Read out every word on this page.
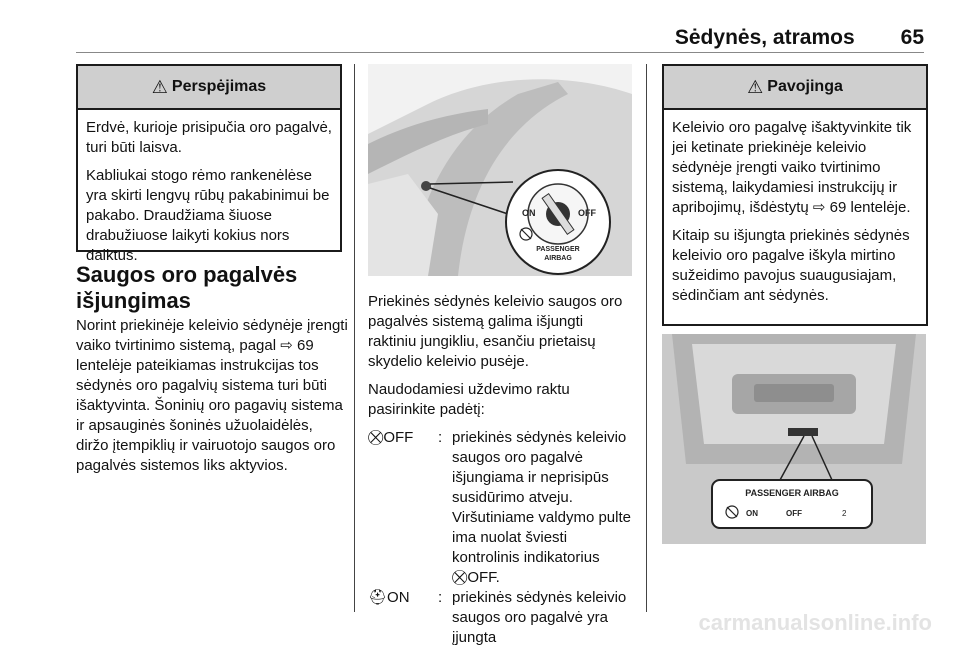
Sėdynės, atramos 65
⚠ Perspėjimas

Erdvė, kurioje prisipučia oro pagalvė, turi būti laisva.

Kabliukai stogo rėmo rankenėlėse yra skirti lengvų rūbų pakabinimui be pakabo. Draudžiama šiuose drabužiuose laikyti kokius nors daiktus.

Saugos oro pagalvės išjungimas

Norint priekinėje keleivio sėdynėje įrengti vaiko tvirtinimo sistemą, pagal ⇨ 69 lentelėje pateikiamas instrukcijas tos sėdynės oro pagalvių sistema turi būti išaktyvinta. Šoninių oro pagavių sistema ir apsauginės šoninės užuolaidėlės, diržo įtempiklių ir vairuotojo saugos oro pagalvės sistemos liks aktyvios.

ON	OFF
PASSENGER
AIRBAG

Priekinės sėdynės keleivio saugos oro pagalvės sistemą galima išjungti raktiniu jungikliu, esančiu prietaisų skydelio keleivio pusėje.

Naudodamiesi uždevimo raktu pasirinkite padėtį:

⛒OFF	:	priekinės sėdynės keleivio saugos oro pagalvė išjungiama ir neprisipūs susidūrimo atveju. Viršutiniame valdymo pulte ima nuolat šviesti kontrolinis indikatorius
⛒OFF.
⛑ON	:	priekinės sėdynės keleivio saugos oro pagalvė yra įjungta
⚠ Pavojinga

Keleivio oro pagalvę išaktyvinkite tik jei ketinate priekinėje keleivio sėdynėje įrengti vaiko tvirtinimo sistemą, laikydamiesi instrukcijų ir apribojimų, išdėstytų ⇨ 69 lentelėje.

Kitaip su išjungta priekinės sėdynės keleivio oro pagalve iškyla mirtino sužeidimo pavojus suaugusiajam, sėdinčiam ant sėdynės.

PASSENGER AIRBAG
ON	OFF	2
carmanualsonline.info
